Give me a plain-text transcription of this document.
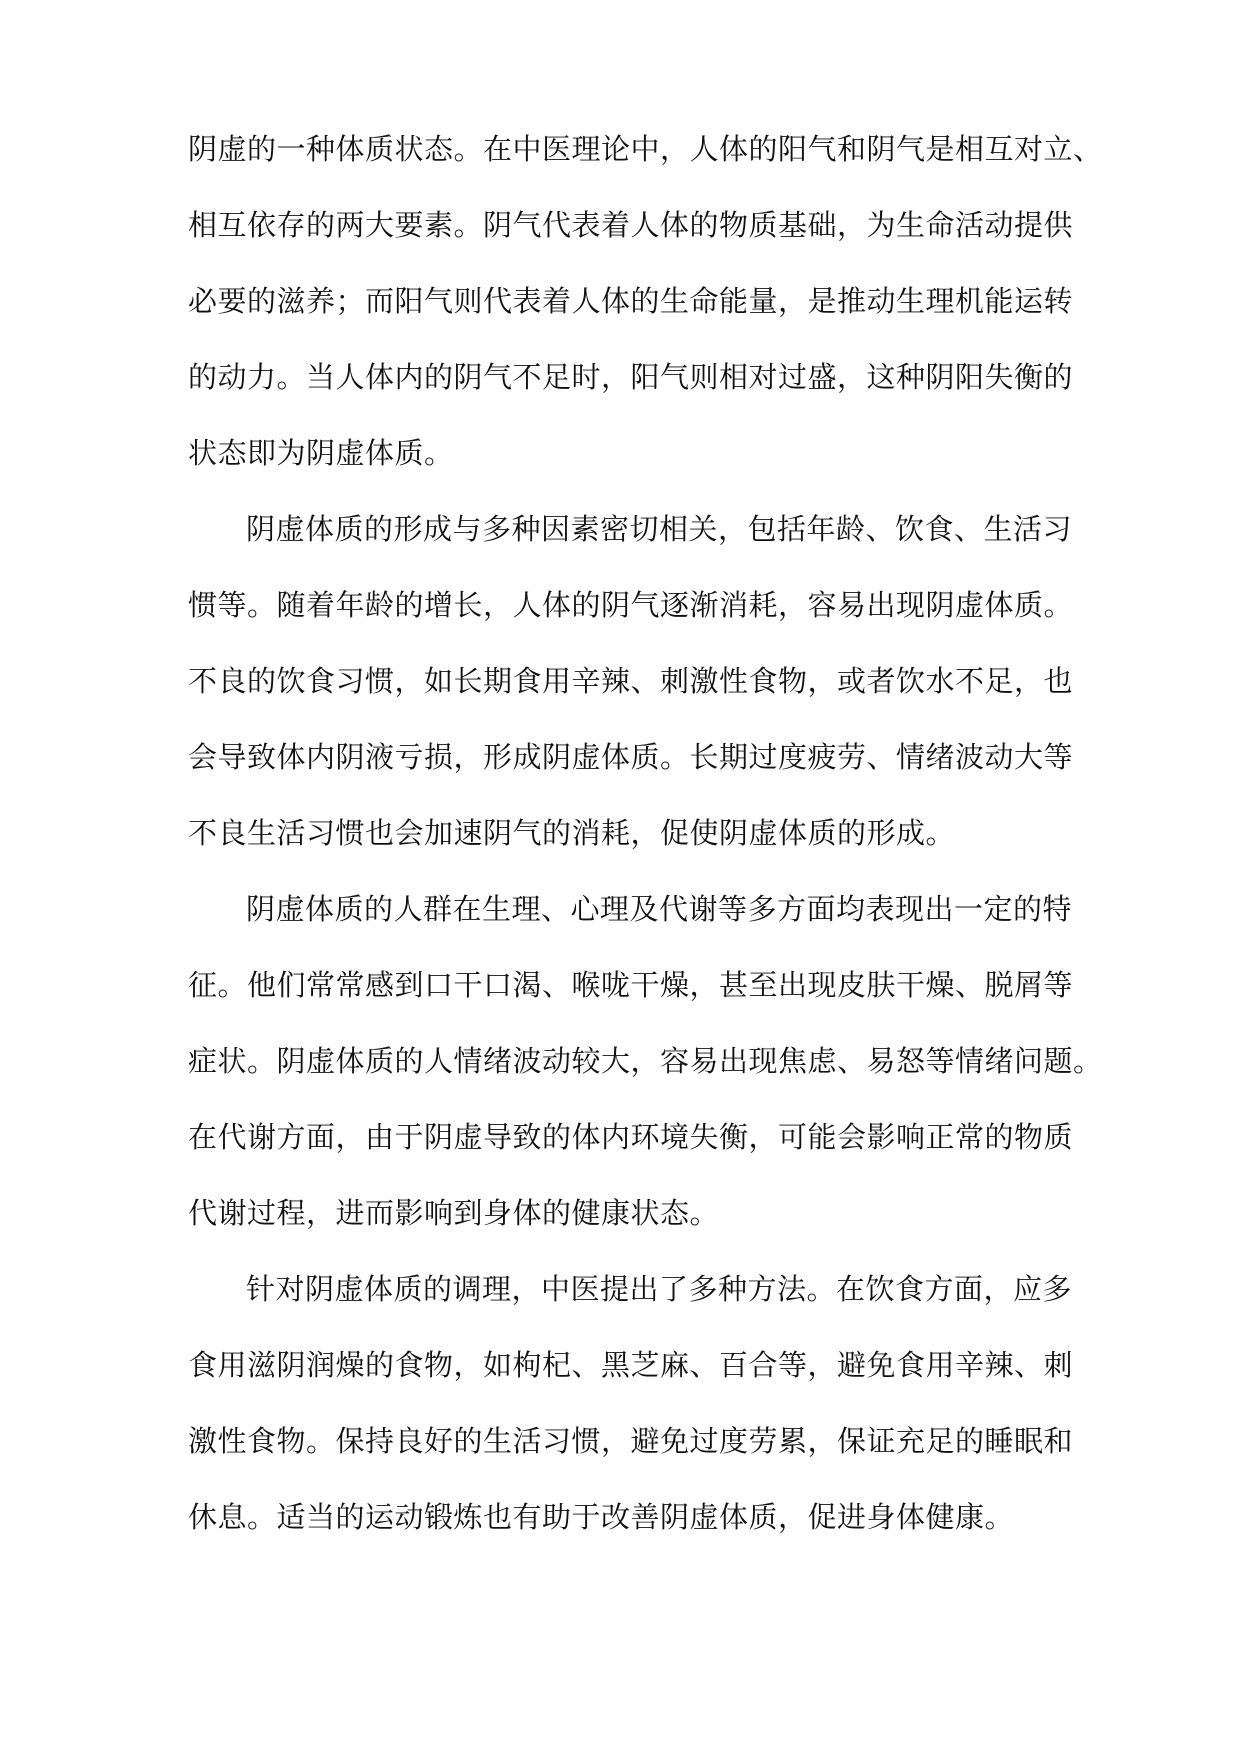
阴虚的一种体质状态。在中医理论中，人体的阳气和阴气是相互对立、
相互依存的两大要素。阴气代表着人体的物质基础，为生命活动提供
必要的滋养；而阳气则代表着人体的生命能量，是推动生理机能运转
的动力。当人体内的阴气不足时，阳气则相对过盛，这种阴阳失衡的
状态即为阴虚体质。
阴虚体质的形成与多种因素密切相关，包括年龄、饮食、生活习
惯等。随着年龄的增长，人体的阴气逐渐消耗，容易出现阴虚体质。
不良的饮食习惯，如长期食用辛辣、刺激性食物，或者饮水不足，也
会导致体内阴液亏损，形成阴虚体质。长期过度疲劳、情绪波动大等
不良生活习惯也会加速阴气的消耗，促使阴虚体质的形成。
阴虚体质的人群在生理、心理及代谢等多方面均表现出一定的特
征。他们常常感到口干口渴、喉咙干燥，甚至出现皮肤干燥、脱屑等
症状。阴虚体质的人情绪波动较大，容易出现焦虑、易怒等情绪问题。
在代谢方面，由于阴虚导致的体内环境失衡，可能会影响正常的物质
代谢过程，进而影响到身体的健康状态。
针对阴虚体质的调理，中医提出了多种方法。在饮食方面，应多
食用滋阴润燥的食物，如枸杞、黑芝麻、百合等，避免食用辛辣、刺
激性食物。保持良好的生活习惯，避免过度劳累，保证充足的睡眠和
休息。适当的运动锻炼也有助于改善阴虚体质，促进身体健康。
